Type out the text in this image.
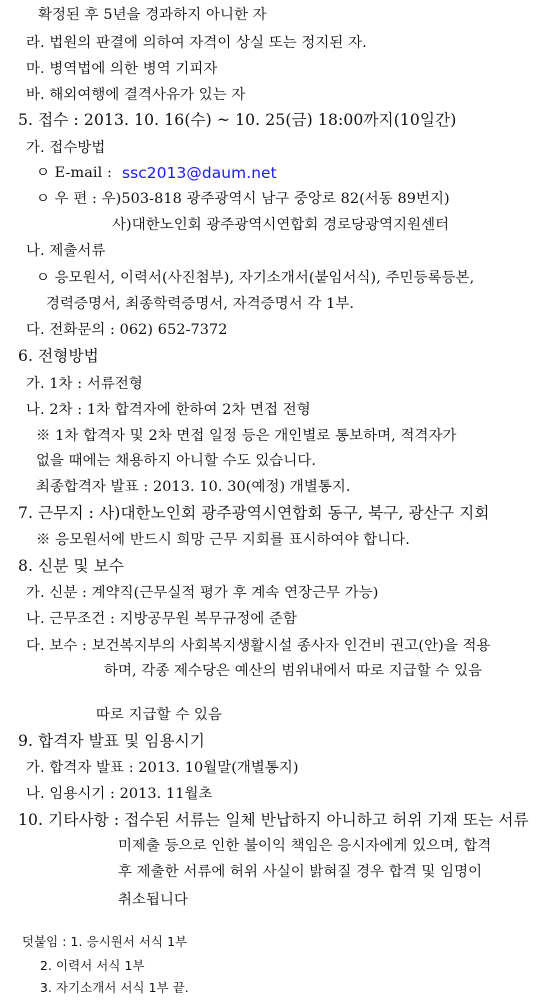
확정된 후 5년을 경과하지 아니한 자
라. 법원의 판결에 의하여 자격이 상실 또는 정지된 자.
마. 병역법에 의한 병역 기피자
바. 해외여행에 결격사유가 있는 자
5. 접수 : 2013. 10. 16(수) ~ 10. 25(금) 18:00까지(10일간)
가. 접수방법
ㅇ E-mail : ssc2013@daum.net
ㅇ 우 편 : 우)503-818 광주광역시 남구 중앙로 82(서동 89번지)
사)대한노인회 광주광역시연합회 경로당광역지원센터
나. 제출서류
ㅇ 응모원서, 이력서(사진첨부), 자기소개서(붙임서식), 주민등록등본,
경력증명서, 최종학력증명서, 자격증명서 각 1부.
다. 전화문의 : 062) 652-7372
6. 전형방법
가. 1차 : 서류전형
나. 2차 : 1차 합격자에 한하여 2차 면접 전형
※ 1차 합격자 및 2차 면접 일정 등은 개인별로 통보하며, 적격자가
없을 때에는 채용하지 아니할 수도 있습니다.
최종합격자 발표 : 2013. 10. 30(예정) 개별통지.
7. 근무지 : 사)대한노인회 광주광역시연합회 동구, 북구, 광산구 지회
※ 응모원서에 반드시 희망 근무 지회를 표시하여야 합니다.
8. 신분 및 보수
가. 신분 : 계약직(근무실적 평가 후 계속 연장근무 가능)
나. 근무조건 : 지방공무원 복무규정에 준함
다. 보수 : 보건복지부의 사회복지생활시설 종사자 인건비 권고(안)을 적용
하며, 각종 제수당은 예산의 범위내에서 따로 지급할 수 있음
따로 지급할 수 있음
9. 합격자 발표 및 임용시기
가. 합격자 발표 : 2013. 10월말(개별통지)
나. 임용시기 : 2013. 11월초
10. 기타사항 : 접수된 서류는 일체 반납하지 아니하고 허위 기재 또는 서류
미제출 등으로 인한 불이익 책임은 응시자에게 있으며, 합격
후 제출한 서류에 허위 사실이 밝혀질 경우 합격 및 임명이
취소됩니다
덧붙임 : 1. 응시원서 서식 1부
2. 이력서 서식 1부
3. 자기소개서 서식 1부 끝.
